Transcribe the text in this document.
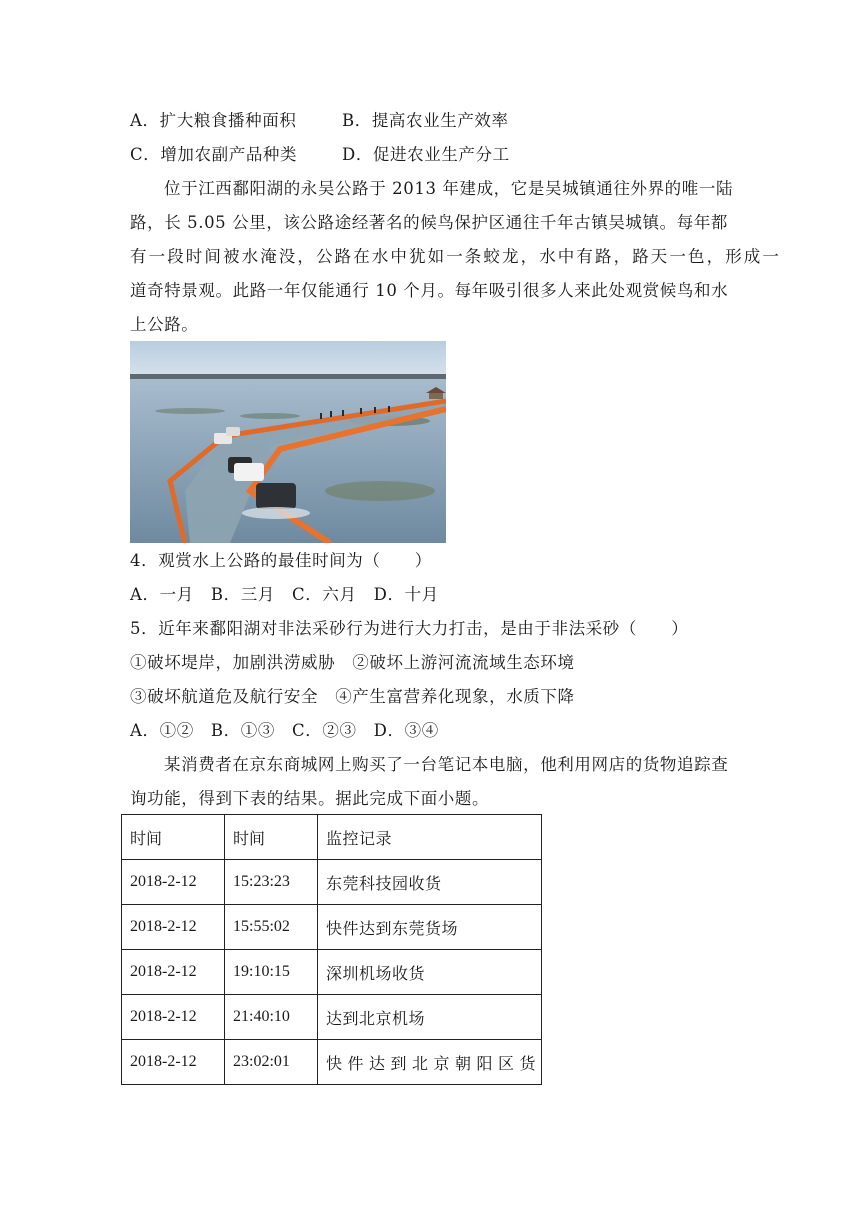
A．扩大粮食播种面积	B．提高农业生产效率
C．增加农副产品种类	D．促进农业生产分工
位于江西鄱阳湖的永吴公路于 2013 年建成，它是吴城镇通往外界的唯一陆
路，长 5.05 公里，该公路途经著名的候鸟保护区通往千年古镇吴城镇。每年都
有一段时间被水淹没，公路在水中犹如一条蛟龙，水中有路，路天一色，形成一
道奇特景观。此路一年仅能通行 10 个月。每年吸引很多人来此处观赏候鸟和水
上公路。
4．观赏水上公路的最佳时间为（　　）
A．一月　B．三月　C．六月　D．十月
5．近年来鄱阳湖对非法采砂行为进行大力打击，是由于非法采砂（　　）
①破坏堤岸，加剧洪涝威胁　②破坏上游河流流域生态环境
③破坏航道危及航行安全　④产生富营养化现象，水质下降
A．①②　B．①③　C．②③　D．③④
某消费者在京东商城网上购买了一台笔记本电脑，他利用网店的货物追踪查
询功能，得到下表的结果。据此完成下面小题。
时间	时间	监控记录
2018-2-12	15:23:23	东莞科技园收货
2018-2-12	15:55:02	快件达到东莞货场
2018-2-12	19:10:15	深圳机场收货
2018-2-12	21:40:10	达到北京机场
2018-2-12	23:02:01	快件达到北京朝阳区货
